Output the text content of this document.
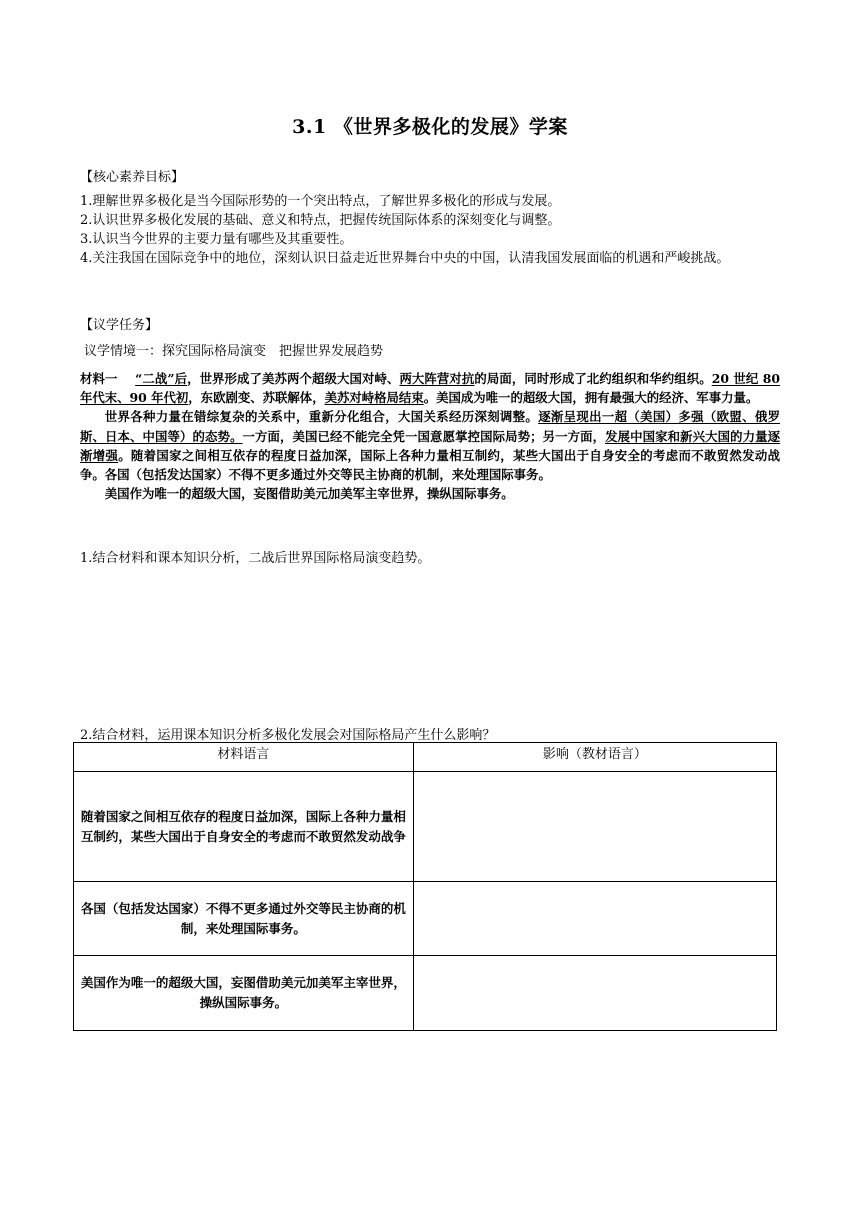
3.1 《世界多极化的发展》学案
【核心素养目标】
1.理解世界多极化是当今国际形势的一个突出特点，了解世界多极化的形成与发展。
2.认识世界多极化发展的基础、意义和特点，把握传统国际体系的深刻变化与调整。
3.认识当今世界的主要力量有哪些及其重要性。
4.关注我国在国际竞争中的地位，深刻认识日益走近世界舞台中央的中国，认清我国发展面临的机遇和严峻挑战。
【议学任务】
议学情境一：探究国际格局演变　把握世界发展趋势

材料一 “二战”后，世界形成了美苏两个超级大国对峙、两大阵营对抗的局面，同时形成了北约组织和华约组织。20 世纪 80 年代末、90 年代初，东欧剧变、苏联解体，美苏对峙格局结束。美国成为唯一的超级大国，拥有最强大的经济、军事力量。

世界各种力量在错综复杂的关系中，重新分化组合，大国关系经历深刻调整。逐渐呈现出一超（美国）多强（欧盟、俄罗斯、日本、中国等）的态势。一方面，美国已经不能完全凭一国意愿掌控国际局势；另一方面，发展中国家和新兴大国的力量逐渐增强。随着国家之间相互依存的程度日益加深，国际上各种力量相互制约，某些大国出于自身安全的考虑而不敢贸然发动战争。各国（包括发达国家）不得不更多通过外交等民主协商的机制，来处理国际事务。

美国作为唯一的超级大国，妄图借助美元加美军主宰世界，操纵国际事务。

1.结合材料和课本知识分析，二战后世界国际格局演变趋势。
2.结合材料，运用课本知识分析多极化发展会对国际格局产生什么影响？
材料语言	影响（教材语言）
随着国家之间相互依存的程度日益加深，国际上各种力量相互制约，某些大国出于自身安全的考虑而不敢贸然发动战争	
各国（包括发达国家）不得不更多通过外交等民主协商的机制，来处理国际事务。	
美国作为唯一的超级大国，妄图借助美元加美军主宰世界，操纵国际事务。	
